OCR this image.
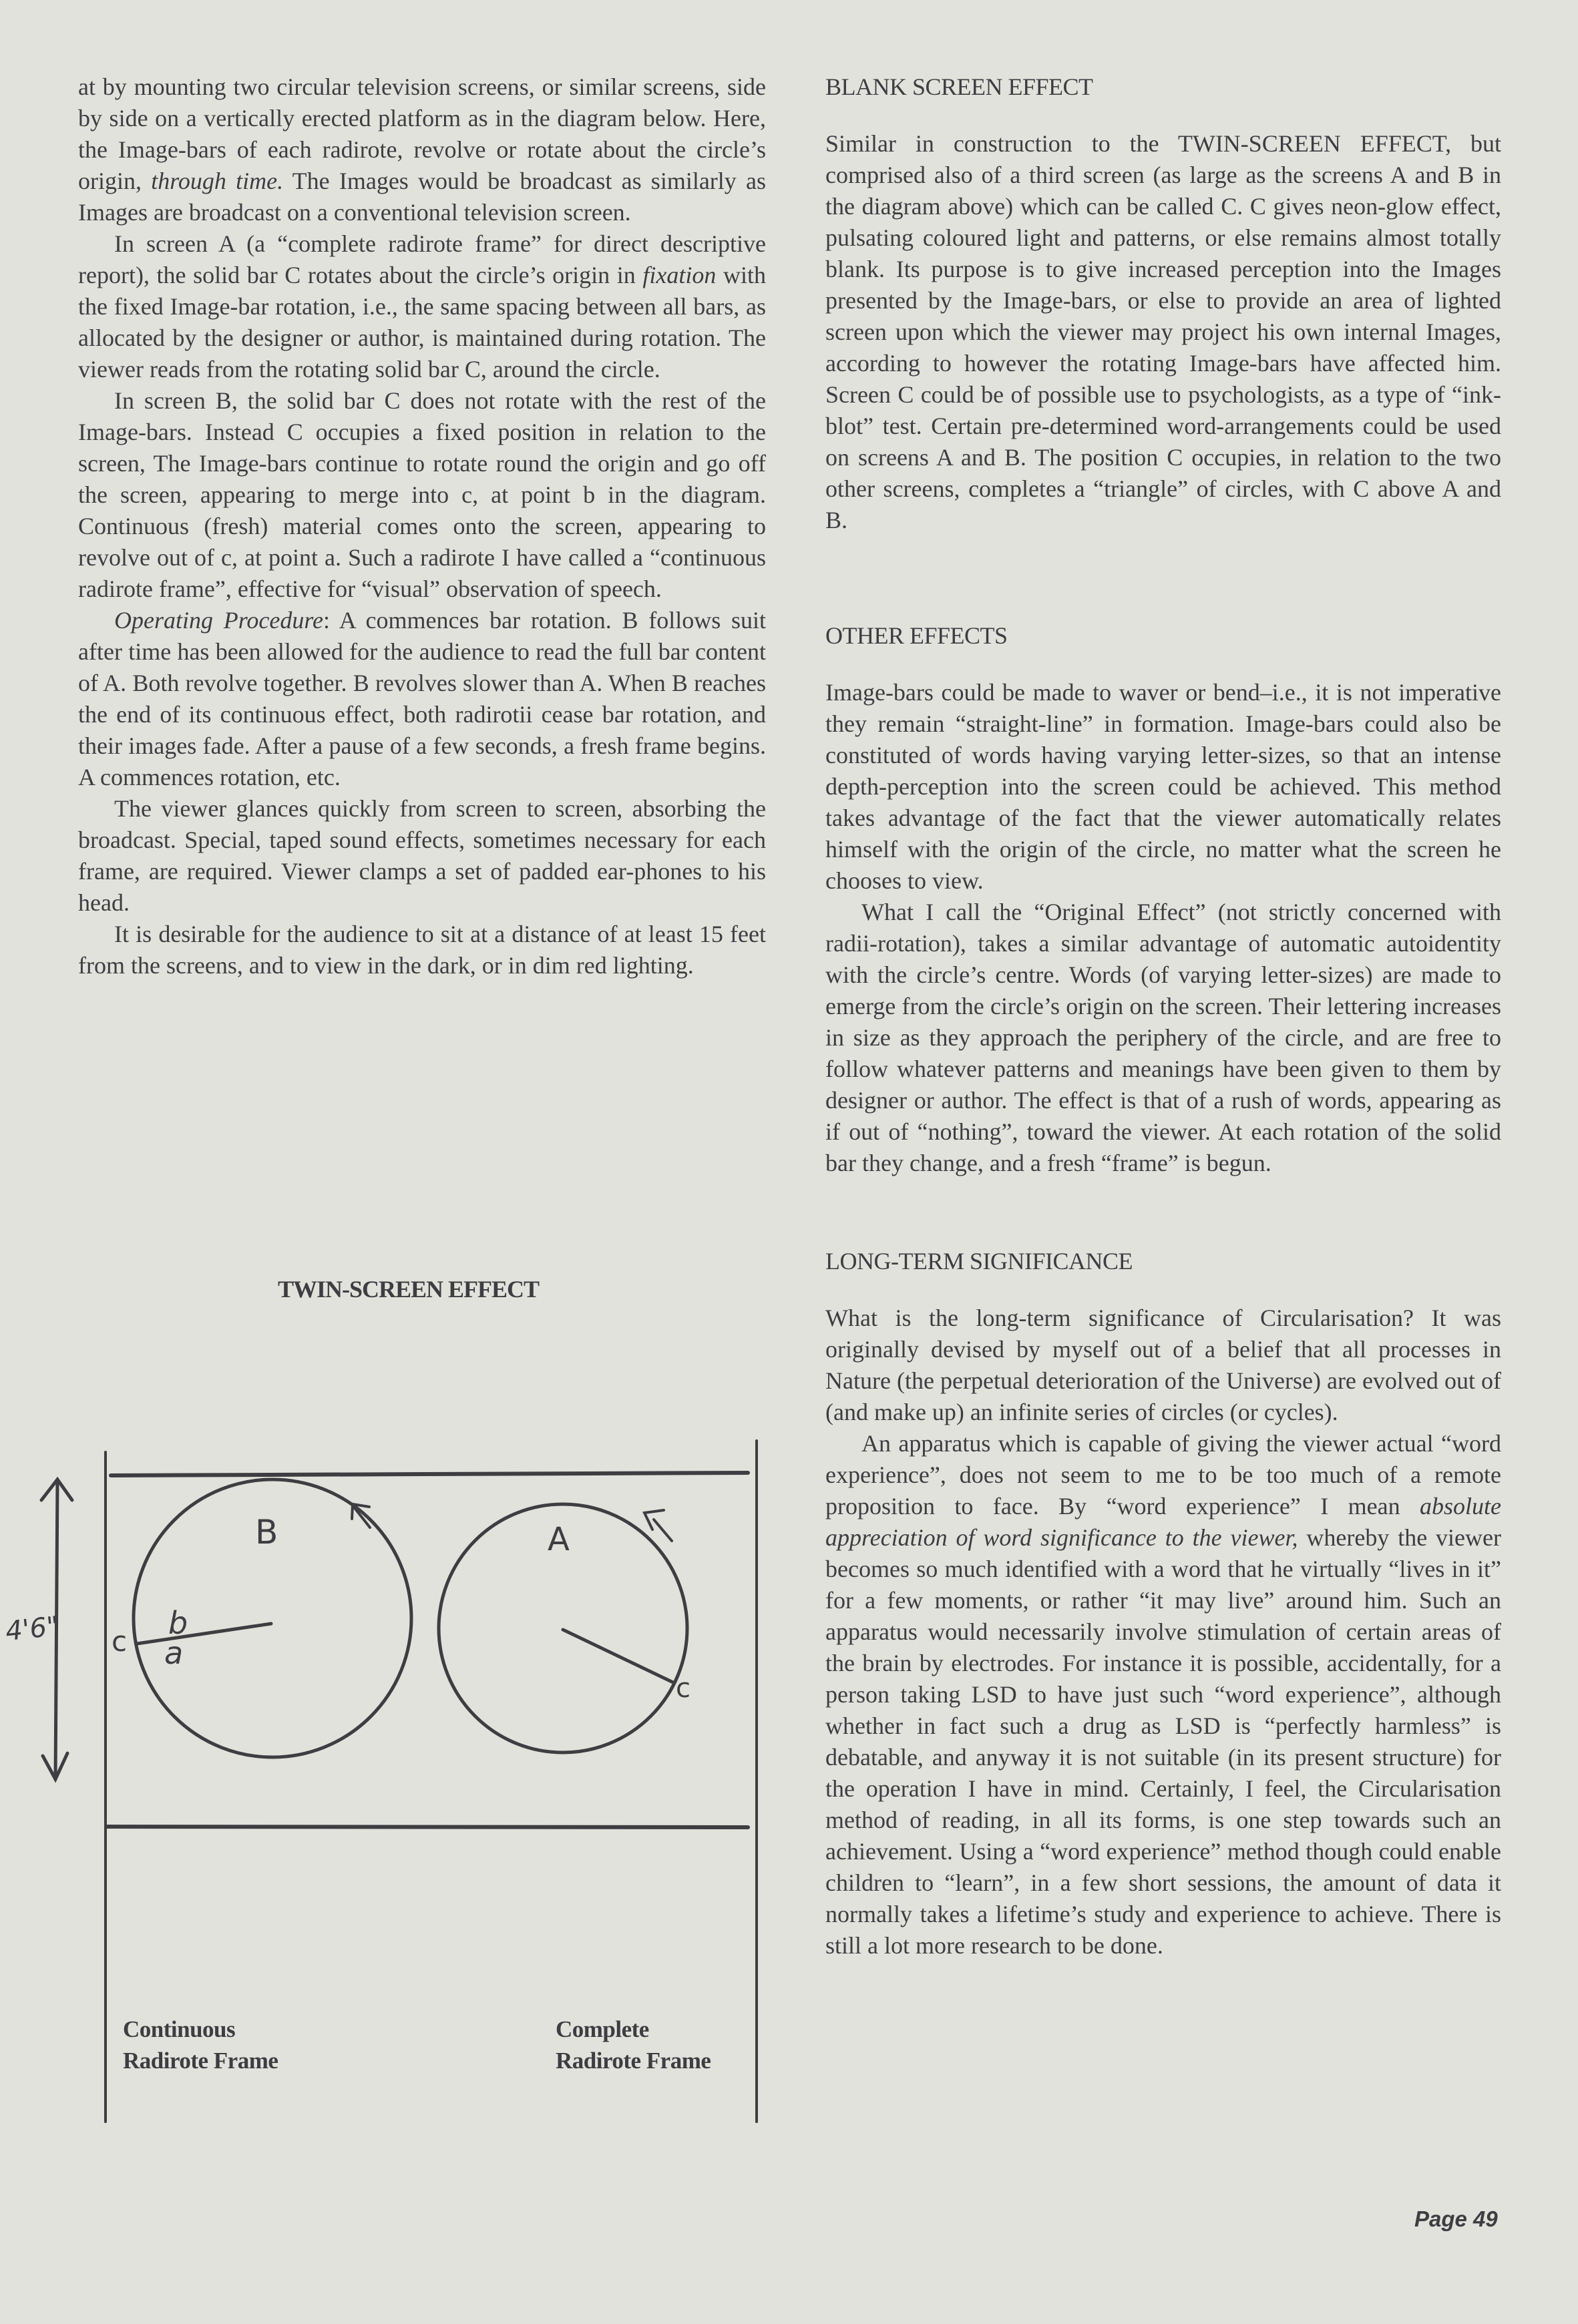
at by mounting two circular television screens, or similar screens, side by side on a vertically erected platform as in the diagram below. Here, the Image-bars of each radirote, revolve or rotate about the circle’s origin, through time. The Images would be broadcast as similarly as Images are broadcast on a conventional television screen.

In screen A (a “complete radirote frame” for direct descriptive report), the solid bar C rotates about the circle’s origin in fixation with the fixed Image-bar rotation, i.e., the same spacing between all bars, as allocated by the designer or author, is maintained during rotation. The viewer reads from the rotating solid bar C, around the circle.

In screen B, the solid bar C does not rotate with the rest of the Image-bars. Instead C occupies a fixed position in relation to the screen, The Image-bars continue to rotate round the origin and go off the screen, appearing to merge into c, at point b in the diagram. Continuous (fresh) material comes onto the screen, appearing to revolve out of c, at point a. Such a radirote I have called a “continuous radirote frame”, effective for “visual” observation of speech.

Operating Procedure: A commences bar rotation. B follows suit after time has been allowed for the audience to read the full bar content of A. Both revolve together. B revolves slower than A. When B reaches the end of its continuous effect, both radirotii cease bar rotation, and their images fade. After a pause of a few seconds, a fresh frame begins. A commences rotation, etc.

The viewer glances quickly from screen to screen, absorbing the broadcast. Special, taped sound effects, sometimes necessary for each frame, are required. Viewer clamps a set of padded ear-phones to his head.

It is desirable for the audience to sit at a distance of at least 15 feet from the screens, and to view in the dark, or in dim red lighting.

TWIN-SCREEN EFFECT
4'6"
B
c
b
a
A
c
Continuous
Radirote Frame
Complete
Radirote Frame
BLANK SCREEN EFFECT

Similar in construction to the TWIN-SCREEN EFFECT, but comprised also of a third screen (as large as the screens A and B in the diagram above) which can be called C. C gives neon-glow effect, pulsating coloured light and patterns, or else remains almost totally blank. Its purpose is to give increased perception into the Images presented by the Image-bars, or else to provide an area of lighted screen upon which the viewer may project his own internal Images, according to however the rotating Image-bars have affected him. Screen C could be of possible use to psychologists, as a type of “ink-blot” test. Certain pre-determined word-arrangements could be used on screens A and B. The position C occupies, in relation to the two other screens, completes a “triangle” of circles, with C above A and B.

OTHER EFFECTS

Image-bars could be made to waver or bend–i.e., it is not imperative they remain “straight-line” in formation. Image-bars could also be constituted of words having varying letter-sizes, so that an intense depth-perception into the screen could be achieved. This method takes advantage of the fact that the viewer automatically relates himself with the origin of the circle, no matter what the screen he chooses to view.

What I call the “Original Effect” (not strictly concerned with radii-rotation), takes a similar advantage of automatic autoidentity with the circle’s centre. Words (of varying letter-sizes) are made to emerge from the circle’s origin on the screen. Their lettering increases in size as they approach the periphery of the circle, and are free to follow whatever patterns and meanings have been given to them by designer or author. The effect is that of a rush of words, appearing as if out of “nothing”, toward the viewer. At each rotation of the solid bar they change, and a fresh “frame” is begun.

LONG-TERM SIGNIFICANCE

What is the long-term significance of Circularisation? It was originally devised by myself out of a belief that all processes in Nature (the perpetual deterioration of the Universe) are evolved out of (and make up) an infinite series of circles (or cycles).

An apparatus which is capable of giving the viewer actual “word experience”, does not seem to me to be too much of a remote proposition to face. By “word experience” I mean absolute appreciation of word significance to the viewer, whereby the viewer becomes so much identified with a word that he virtually “lives in it” for a few moments, or rather “it may live” around him. Such an apparatus would necessarily involve stimulation of certain areas of the brain by electrodes. For instance it is possible, accidentally, for a person taking LSD to have just such “word experience”, although whether in fact such a drug as LSD is “perfectly harmless” is debatable, and anyway it is not suitable (in its present structure) for the operation I have in mind. Certainly, I feel, the Circularisation method of reading, in all its forms, is one step towards such an achievement. Using a “word experience” method though could enable children to “learn”, in a few short sessions, the amount of data it normally takes a lifetime’s study and experience to achieve. There is still a lot more research to be done.

Page 49
